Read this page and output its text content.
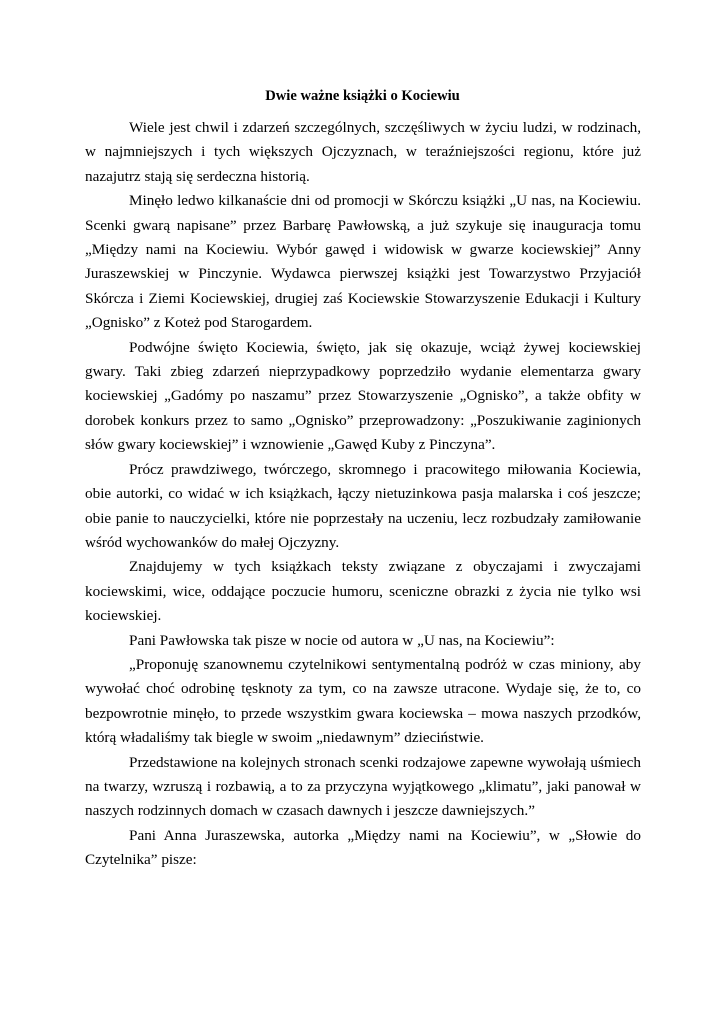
Dwie ważne książki o Kociewiu

Wiele jest chwil i zdarzeń szczególnych, szczęśliwych w życiu ludzi, w rodzinach, w najmniejszych i tych większych Ojczyznach, w teraźniejszości regionu, które już nazajutrz stają się serdeczna historią.

Minęło ledwo kilkanaście dni od promocji w Skórczu książki „U nas, na Kociewiu. Scenki gwarą napisane” przez Barbarę Pawłowską, a już szykuje się inauguracja tomu „Między nami na Kociewiu. Wybór gawęd i widowisk w gwarze kociewskiej” Anny Juraszewskiej w Pinczynie. Wydawca pierwszej książki jest Towarzystwo Przyjaciół Skórcza i Ziemi Kociewskiej, drugiej zaś Kociewskie Stowarzyszenie Edukacji i Kultury „Ognisko” z Koteż pod Starogardem.

Podwójne święto Kociewia, święto, jak się okazuje, wciąż żywej kociewskiej gwary. Taki zbieg zdarzeń nieprzypadkowy poprzedziło wydanie elementarza gwary kociewskiej „Gadómy po naszamu” przez Stowarzyszenie „Ognisko”, a także obfity w dorobek konkurs przez to samo „Ognisko” przeprowadzony: „Poszukiwanie zaginionych słów gwary kociewskiej” i wznowienie „Gawęd Kuby z Pinczyna”.

Prócz prawdziwego, twórczego, skromnego i pracowitego miłowania Kociewia, obie autorki, co widać w ich książkach, łączy nietuzinkowa pasja malarska i coś jeszcze; obie panie to nauczycielki, które nie poprzestały na uczeniu, lecz rozbudzały zamiłowanie wśród wychowanków do małej Ojczyzny.

Znajdujemy w tych książkach teksty związane z obyczajami i zwyczajami kociewskimi, wice, oddające poczucie humoru, sceniczne obrazki z życia nie tylko wsi kociewskiej.

Pani Pawłowska tak pisze w nocie od autora w „U nas, na Kociewiu”:

„Proponuję szanownemu czytelnikowi sentymentalną podróż w czas miniony, aby wywołać choć odrobinę tęsknoty za tym, co na zawsze utracone. Wydaje się, że to, co bezpowrotnie minęło, to przede wszystkim gwara kociewska – mowa naszych przodków, którą władaliśmy tak biegle w swoim „niedawnym” dzieciństwie.

Przedstawione na kolejnych stronach scenki rodzajowe zapewne wywołają uśmiech na twarzy, wzruszą i rozbawią, a to za przyczyna wyjątkowego „klimatu”, jaki panował w naszych rodzinnych domach w czasach dawnych i jeszcze dawniejszych.”

Pani Anna Juraszewska, autorka „Między nami na Kociewiu”, w „Słowie do Czytelnika” pisze:
